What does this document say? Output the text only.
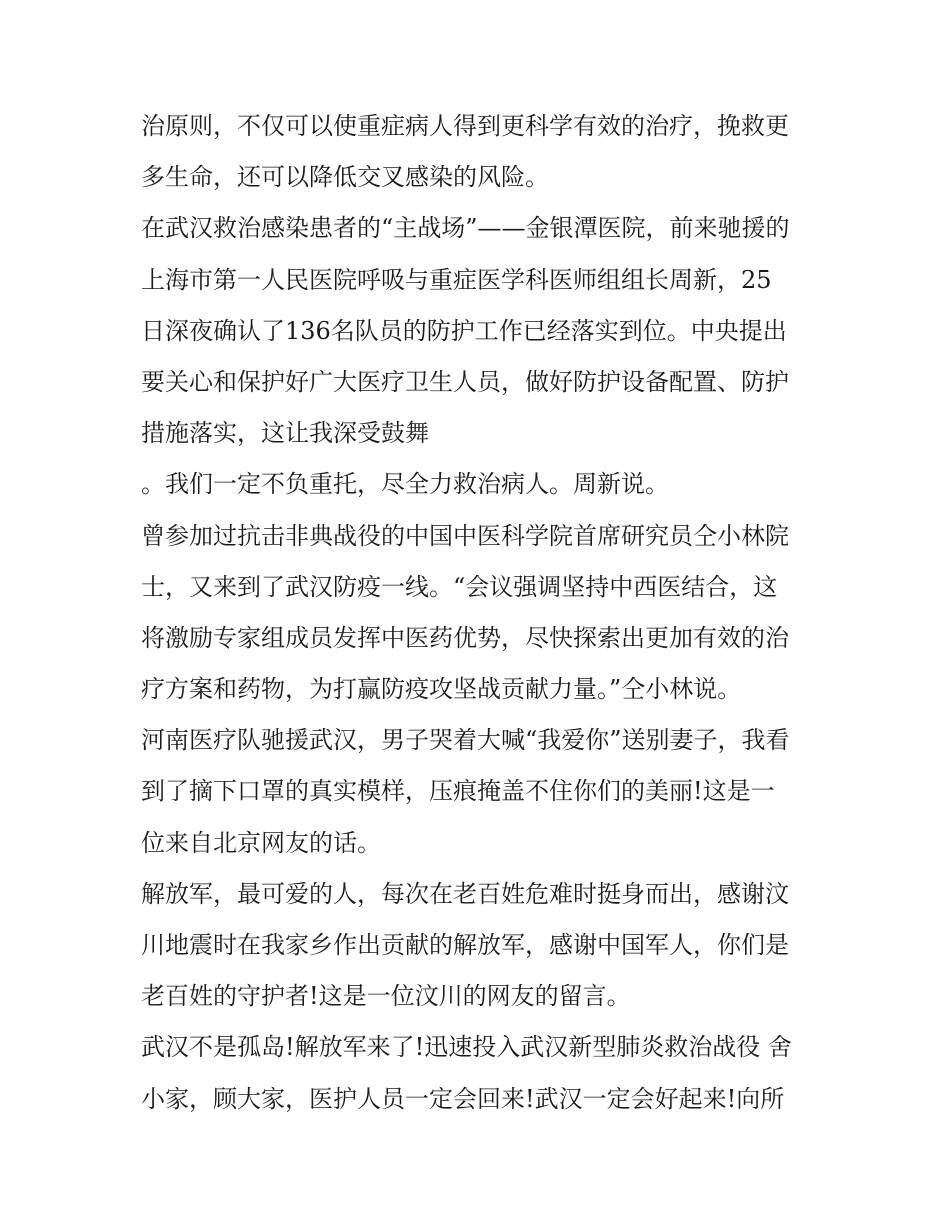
治原则，不仅可以使重症病人得到更科学有效的治疗，挽救更
多生命，还可以降低交叉感染的风险。
在武汉救治感染患者的“主战场”——金银潭医院，前来驰援的
上海市第一人民医院呼吸与重症医学科医师组组长周新，25
日深夜确认了136名队员的防护工作已经落实到位。中央提出
要关心和保护好广大医疗卫生人员，做好防护设备配置、防护
措施落实，这让我深受鼓舞
。我们一定不负重托，尽全力救治病人。周新说。
曾参加过抗击非典战役的中国中医科学院首席研究员仝小林院
士，又来到了武汉防疫一线。“会议强调坚持中西医结合，这
将激励专家组成员发挥中医药优势，尽快探索出更加有效的治
疗方案和药物，为打赢防疫攻坚战贡献力量。”仝小林说。
河南医疗队驰援武汉，男子哭着大喊“我爱你”送别妻子，我看
到了摘下口罩的真实模样，压痕掩盖不住你们的美丽!这是一
位来自北京网友的话。
解放军，最可爱的人，每次在老百姓危难时挺身而出，感谢汶
川地震时在我家乡作出贡献的解放军，感谢中国军人，你们是
老百姓的守护者!这是一位汶川的网友的留言。
武汉不是孤岛!解放军来了!迅速投入武汉新型肺炎救治战役 舍
小家，顾大家，医护人员一定会回来!武汉一定会好起来!向所
